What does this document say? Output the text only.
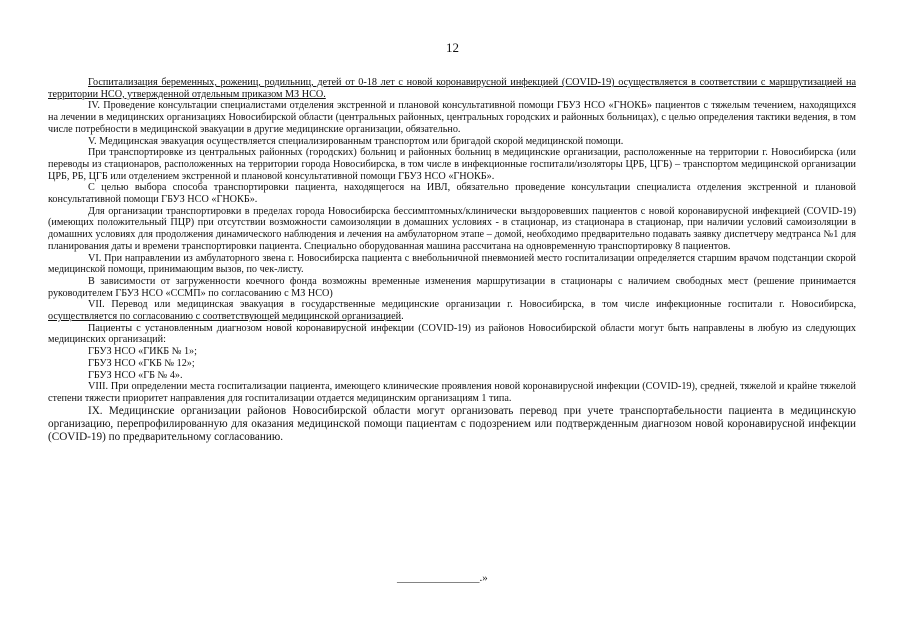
12

Госпитализация беременных, рожениц, родильниц, детей от 0-18 лет с новой коронавирусной инфекцией (COVID-19) осуществляется в соответствии с маршрутизацией на территории НСО, утвержденной отдельным приказом МЗ НСО.

IV. Проведение консультации специалистами отделения экстренной и плановой консультативной помощи ГБУЗ НСО «ГНОКБ» пациентов с тяжелым течением, находящихся на лечении в медицинских организациях Новосибирской области (центральных районных, центральных городских и районных больницах), с целью определения тактики ведения, в том числе потребности в медицинской эвакуации в другие медицинские организации, обязательно.

V. Медицинская эвакуация осуществляется специализированным транспортом или бригадой скорой медицинской помощи.

При транспортировке из центральных районных (городских) больниц и районных больниц в медицинские организации, расположенные на территории г. Новосибирска (или переводы из стационаров, расположенных на территории города Новосибирска, в том числе в инфекционные госпитали/изоляторы ЦРБ, ЦГБ) – транспортом медицинской организации ЦРБ, РБ, ЦГБ или отделением экстренной и плановой консультативной помощи ГБУЗ НСО «ГНОКБ».

С целью выбора способа транспортировки пациента, находящегося на ИВЛ, обязательно проведение консультации специалиста отделения экстренной и плановой консультативной помощи ГБУЗ НСО «ГНОКБ».

Для организации транспортировки в пределах города Новосибирска бессимптомных/клинически выздоровевших пациентов с новой коронавирусной инфекцией (COVID-19) (имеющих положительный ПЦР) при отсутствии возможности самоизоляции в домашних условиях - в стационар, из стационара в стационар, при наличии условий самоизоляции в домашних условиях для продолжения динамического наблюдения и лечения на амбулаторном этапе – домой, необходимо предварительно подавать заявку диспетчеру медтранса №1 для планирования даты и времени транспортировки пациента. Специально оборудованная машина рассчитана на одновременную транспортировку 8 пациентов.

VI. При направлении из амбулаторного звена г. Новосибирска пациента с внебольничной пневмонией место госпитализации определяется старшим врачом подстанции скорой медицинской помощи, принимающим вызов, по чек-листу.

В зависимости от загруженности коечного фонда возможны временные изменения маршрутизации в стационары с наличием свободных мест (решение принимается руководителем ГБУЗ НСО «ССМП» по согласованию с МЗ НСО)

VII. Перевод или медицинская эвакуация в государственные медицинские организации г. Новосибирска, в том числе инфекционные госпитали г. Новосибирска, осуществляется по согласованию с соответствующей медицинской организацией.

Пациенты с установленным диагнозом новой коронавирусной инфекции (COVID-19) из районов Новосибирской области могут быть направлены в любую из следующих медицинских организаций:

ГБУЗ НСО «ГИКБ № 1»;

ГБУЗ НСО «ГКБ № 12»;

ГБУЗ НСО «ГБ № 4».

VIII. При определении места госпитализации пациента, имеющего клинические проявления новой коронавирусной инфекции (COVID-19), средней, тяжелой и крайне тяжелой степени тяжести приоритет направления для госпитализации отдается медицинским организациям 1 типа.

IX. Медицинские организации районов Новосибирской области могут организовать перевод при учете транспортабельности пациента в медицинскую организацию, перепрофилированную для оказания медицинской помощи пациентам с подозрением или подтвержденным диагнозом новой коронавирусной инфекции (COVID-19) по предварительному согласованию.

_______________.»
